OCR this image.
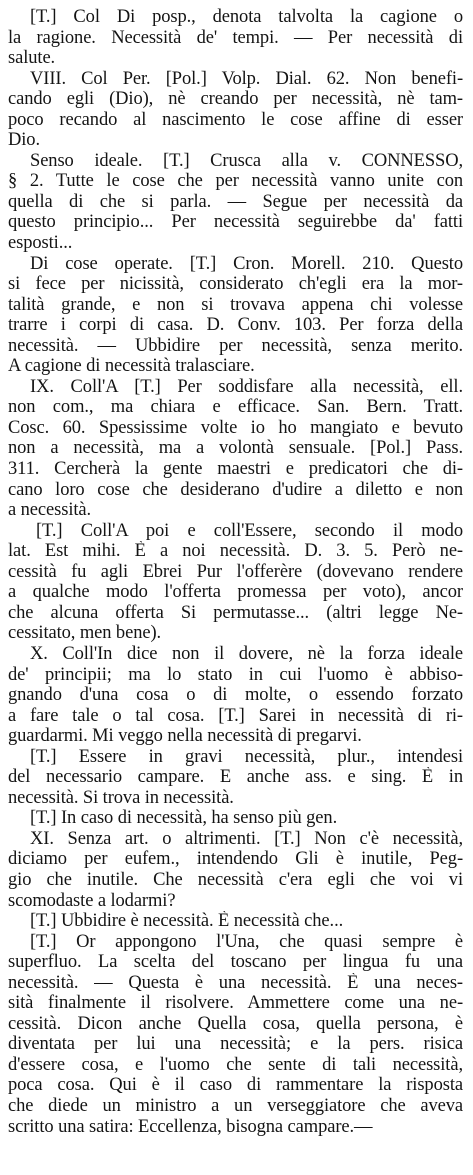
[T.] Col Di posp., denota talvolta la cagione o
la ragione. Necessità de' tempi. — Per necessità di
salute.
VIII. Col Per. [Pol.] Volp. Dial. 62. Non benefi-
cando egli (Dio), nè creando per necessità, nè tam-
poco recando al nascimento le cose affine di esser
Dio.
Senso ideale. [T.] Crusca alla v. CONNESSO,
§ 2. Tutte le cose che per necessità vanno unite con
quella di che si parla. — Segue per necessità da
questo principio... Per necessità seguirebbe da' fatti
esposti...
Di cose operate. [T.] Cron. Morell. 210. Questo
si fece per nicissità, considerato ch'egli era la mor-
talità grande, e non si trovava appena chi volesse
trarre i corpi di casa. D. Conv. 103. Per forza della
necessità. — Ubbidire per necessità, senza merito.
A cagione di necessità tralasciare.
IX. Coll'A [T.] Per soddisfare alla necessità, ell.
non com., ma chiara e efficace. San. Bern. Tratt.
Cosc. 60. Spessissime volte io ho mangiato e bevuto
non a necessità, ma a volontà sensuale. [Pol.] Pass.
311. Cercherà la gente maestri e predicatori che di-
cano loro cose che desiderano d'udire a diletto e non
a necessità.
[T.] Coll'A poi e coll'Essere, secondo il modo
lat. Est mihi. È a noi necessità. D. 3. 5. Però ne-
cessità fu agli Ebrei Pur l'offerère (dovevano rendere
a qualche modo l'offerta promessa per voto), ancor
che alcuna offerta Si permutasse... (altri legge Ne-
cessitato, men bene).
X. Coll'In dice non il dovere, nè la forza ideale
de' principii; ma lo stato in cui l'uomo è abbiso-
gnando d'una cosa o di molte, o essendo forzato
a fare tale o tal cosa. [T.] Sarei in necessità di ri-
guardarmi. Mi veggo nella necessità di pregarvi.
[T.] Essere in gravi necessità, plur., intendesi
del necessario campare. E anche ass. e sing. È in
necessità. Si trova in necessità.
[T.] In caso di necessità, ha senso più gen.
XI. Senza art. o altrimenti. [T.] Non c'è necessità,
diciamo per eufem., intendendo Gli è inutile, Peg-
gio che inutile. Che necessità c'era egli che voi vi
scomodaste a lodarmi?
[T.] Ubbidire è necessità. È necessità che...
[T.] Or appongono l'Una, che quasi sempre è
superfluo. La scelta del toscano per lingua fu una
necessità. — Questa è una necessità. È una neces-
sità finalmente il risolvere. Ammettere come una ne-
cessità. Dicon anche Quella cosa, quella persona, è
diventata per lui una necessità; e la pers. risica
d'essere cosa, e l'uomo che sente di tali necessità,
poca cosa. Qui è il caso di rammentare la risposta
che diede un ministro a un verseggiatore che aveva
scritto una satira: Eccellenza, bisogna campare.—
